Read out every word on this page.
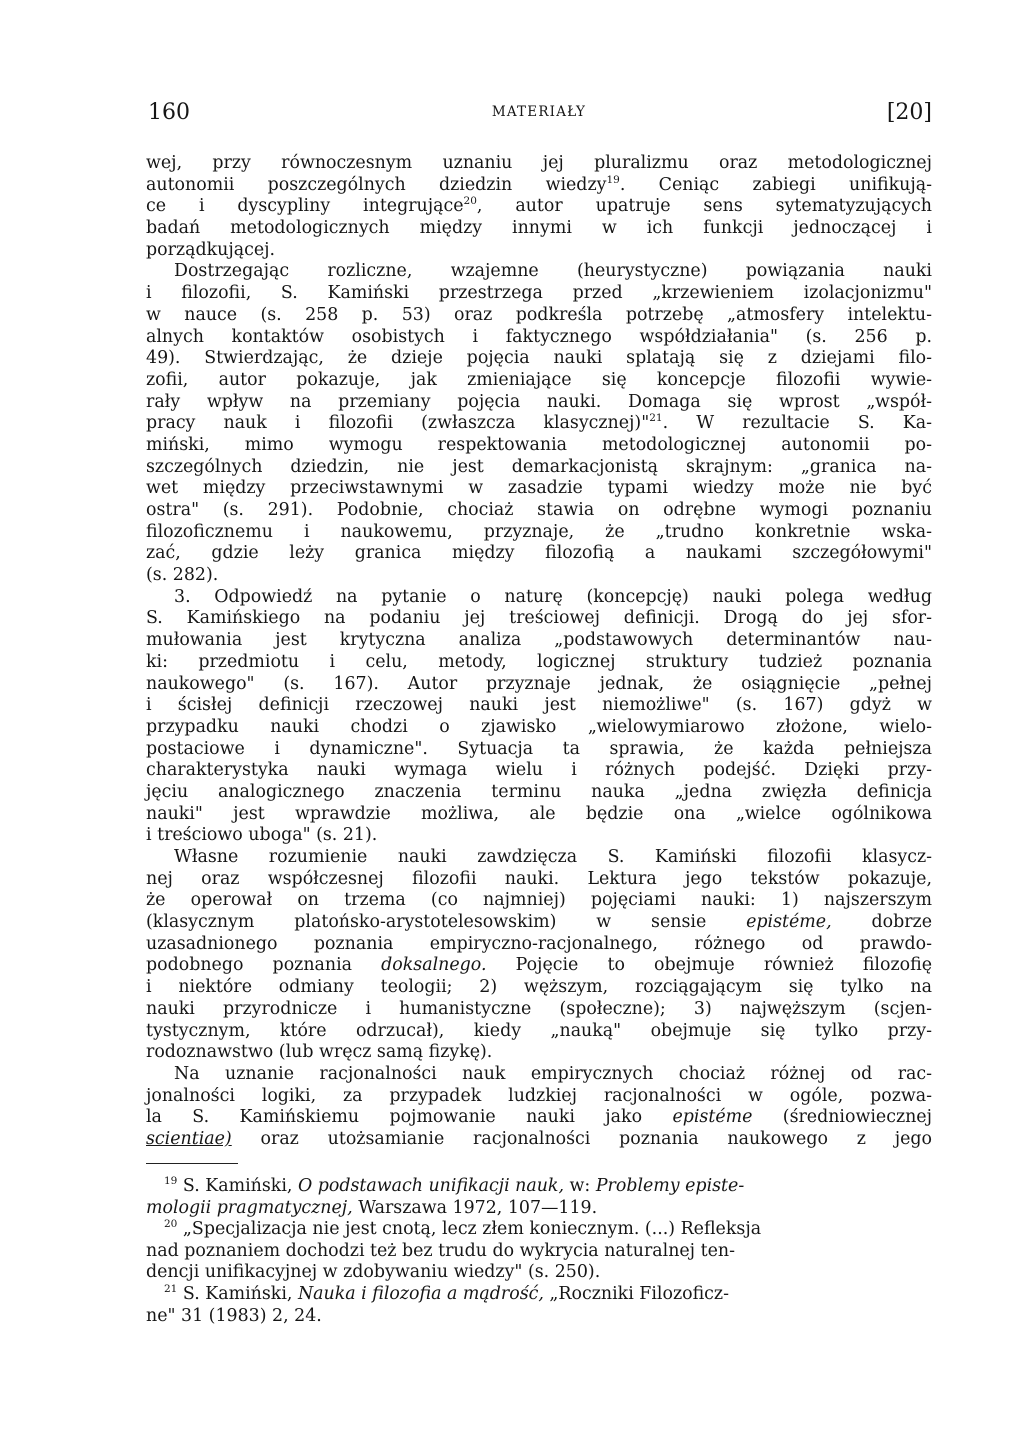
160	MATERIAŁY	[20]
wej, przy równoczesnym uznaniu jej pluralizmu oraz metodologicznej
autonomii poszczególnych dziedzin wiedzy$^{19}$. Ceniąc zabiegi unifikują-
ce i dyscypliny integrujące$^{20}$, autor upatruje sens sytematyzujących
badań metodologicznych między innymi w ich funkcji jednoczącej i
porządkującej.
Dostrzegając rozliczne, wzajemne (heurystyczne) powiązania nauki
i filozofii, S. Kamiński przestrzega przed „krzewieniem izolacjonizmu"
w nauce (s. 258 p. 53) oraz podkreśla potrzebę „atmosfery intelektu-
alnych kontaktów osobistych i faktycznego współdziałania" (s. 256 p.
49). Stwierdzając, że dzieje pojęcia nauki splatają się z dziejami filo-
zofii, autor pokazuje, jak zmieniające się koncepcje filozofii wywie-
rały wpływ na przemiany pojęcia nauki. Domaga się wprost „współ-
pracy nauk i filozofii (zwłaszcza klasycznej)"$^{21}$. W rezultacie S. Ka-
miński, mimo wymogu respektowania metodologicznej autonomii po-
szczególnych dziedzin, nie jest demarkacjonistą skrajnym: „granica na-
wet między przeciwstawnymi w zasadzie typami wiedzy może nie być
ostra" (s. 291). Podobnie, chociaż stawia on odrębne wymogi poznaniu
filozoficznemu i naukowemu, przyznaje, że „trudno konkretnie wska-
zać, gdzie leży granica między filozofią a naukami szczegółowymi"
(s. 282).
3. Odpowiedź na pytanie o naturę (koncepcję) nauki polega według
S. Kamińskiego na podaniu jej treściowej definicji. Drogą do jej sfor-
mułowania jest krytyczna analiza „podstawowych determinantów nau-
ki: przedmiotu i celu, metody, logicznej struktury tudzież poznania
naukowego" (s. 167). Autor przyznaje jednak, że osiągnięcie „pełnej
i ścisłej definicji rzeczowej nauki jest niemożliwe" (s. 167) gdyż w
przypadku nauki chodzi o zjawisko „wielowymiarowo złożone, wielo-
postaciowe i dynamiczne". Sytuacja ta sprawia, że każda pełniejsza
charakterystyka nauki wymaga wielu i różnych podejść. Dzięki przy-
jęciu analogicznego znaczenia terminu nauka „jedna zwięzła definicja
nauki" jest wprawdzie możliwa, ale będzie ona „wielce ogólnikowa
i treściowo uboga" (s. 21).
Własne rozumienie nauki zawdzięcza S. Kamiński filozofii klasycz-
nej oraz współczesnej filozofii nauki. Lektura jego tekstów pokazuje,
że operował on trzema (co najmniej) pojęciami nauki: 1) najszerszym
(klasycznym platońsko-arystotelesowskim) w sensie epistéme, dobrze
uzasadnionego poznania empiryczno-racjonalnego, różnego od prawdo-
podobnego poznania doksalnego. Pojęcie to obejmuje również filozofię
i niektóre odmiany teologii; 2) węższym, rozciągającym się tylko na
nauki przyrodnicze i humanistyczne (społeczne); 3) najwęższym (scjen-
tystycznym, które odrzucał), kiedy „nauką" obejmuje się tylko przy-
rodoznawstwo (lub wręcz samą fizykę).
Na uznanie racjonalności nauk empirycznych chociaż różnej od rac-
jonalności logiki, za przypadek ludzkiej racjonalności w ogóle, pozwa-
la S. Kamińskiemu pojmowanie nauki jako epistéme (średniowiecznej
scientiae) oraz utożsamianie racjonalności poznania naukowego z jego
$^{19}$ S. Kamiński, O podstawach unifikacji nauk, w: Problemy episte-
mologii pragmatycznej, Warszawa 1972, 107—119.
$^{20}$ „Specjalizacja nie jest cnotą, lecz złem koniecznym. (...) Refleksja
nad poznaniem dochodzi też bez trudu do wykrycia naturalnej ten-
dencji unifikacyjnej w zdobywaniu wiedzy" (s. 250).
$^{21}$ S. Kamiński, Nauka i filozofia a mądrość, „Roczniki Filozoficz-
ne" 31 (1983) 2, 24.
